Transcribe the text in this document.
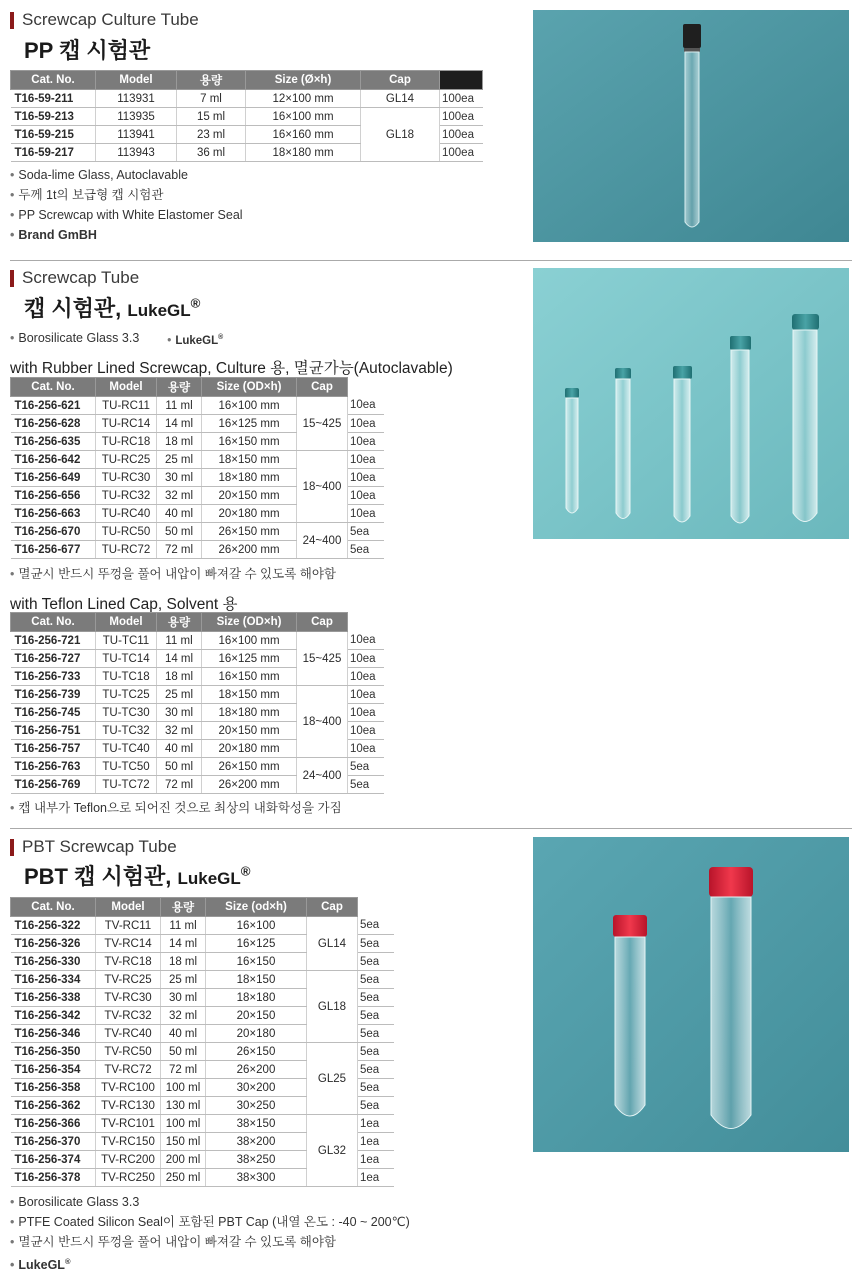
Screwcap Culture Tube
PP 캡 시험관
Cat. No.	Model	용량	Size (Ø×h)	Cap	
T16-59-211	113931	7 ml	12×100 mm	GL14	100ea
T16-59-213	113935	15 ml	16×100 mm	GL18	100ea
T16-59-215	113941	23 ml	16×160 mm		100ea
T16-59-217	113943	36 ml	18×180 mm		100ea
• Soda-lime Glass, Autoclavable
• 두께 1t의 보급형 캡 시험관
• PP Screwcap with White Elastomer Seal
• Brand GmBH
Screwcap Tube
캡 시험관, LukeGL®
• Borosilicate Glass 3.3	• LukeGL®
with Rubber Lined Screwcap, Culture 용, 멸균가능(Autoclavable)
Cat. No.	Model	용량	Size (OD×h)	Cap	
T16-256-621	TU-RC11	11 ml	16×100 mm	15~425	10ea
T16-256-628	TU-RC14	14 ml	16×125 mm		10ea
T16-256-635	TU-RC18	18 ml	16×150 mm		10ea
T16-256-642	TU-RC25	25 ml	18×150 mm	18~400	10ea
T16-256-649	TU-RC30	30 ml	18×180 mm		10ea
T16-256-656	TU-RC32	32 ml	20×150 mm		10ea
T16-256-663	TU-RC40	40 ml	20×180 mm		10ea
T16-256-670	TU-RC50	50 ml	26×150 mm	24~400	5ea
T16-256-677	TU-RC72	72 ml	26×200 mm		5ea
• 멸균시 반드시 뚜껑을 풀어 내압이 빠져갈 수 있도록 해야함
with Teflon Lined Cap, Solvent 용
Cat. No.	Model	용량	Size (OD×h)	Cap	
T16-256-721	TU-TC11	11 ml	16×100 mm	15~425	10ea
T16-256-727	TU-TC14	14 ml	16×125 mm		10ea
T16-256-733	TU-TC18	18 ml	16×150 mm		10ea
T16-256-739	TU-TC25	25 ml	18×150 mm	18~400	10ea
T16-256-745	TU-TC30	30 ml	18×180 mm		10ea
T16-256-751	TU-TC32	32 ml	20×150 mm		10ea
T16-256-757	TU-TC40	40 ml	20×180 mm		10ea
T16-256-763	TU-TC50	50 ml	26×150 mm	24~400	5ea
T16-256-769	TU-TC72	72 ml	26×200 mm		5ea
• 캡 내부가 Teflon으로 되어진 것으로 최상의 내화학성을 가짐
PBT Screwcap Tube
PBT 캡 시험관, LukeGL®
Cat. No.	Model	용량	Size (od×h)	Cap	
T16-256-322	TV-RC11	11 ml	16×100	GL14	5ea
T16-256-326	TV-RC14	14 ml	16×125		5ea
T16-256-330	TV-RC18	18 ml	16×150		5ea
T16-256-334	TV-RC25	25 ml	18×150	GL18	5ea
T16-256-338	TV-RC30	30 ml	18×180		5ea
T16-256-342	TV-RC32	32 ml	20×150		5ea
T16-256-346	TV-RC40	40 ml	20×180		5ea
T16-256-350	TV-RC50	50 ml	26×150	GL25	5ea
T16-256-354	TV-RC72	72 ml	26×200		5ea
T16-256-358	TV-RC100	100 ml	30×200		5ea
T16-256-362	TV-RC130	130 ml	30×250		5ea
T16-256-366	TV-RC101	100 ml	38×150	GL32	1ea
T16-256-370	TV-RC150	150 ml	38×200		1ea
T16-256-374	TV-RC200	200 ml	38×250		1ea
T16-256-378	TV-RC250	250 ml	38×300		1ea
• Borosilicate Glass 3.3
• PTFE Coated Silicon Seal이 포함된 PBT Cap (내열 온도 : -40 ~ 200℃)
• 멸균시 반드시 뚜껑을 풀어 내압이 빠져갈 수 있도록 해야함
• LukeGL®
